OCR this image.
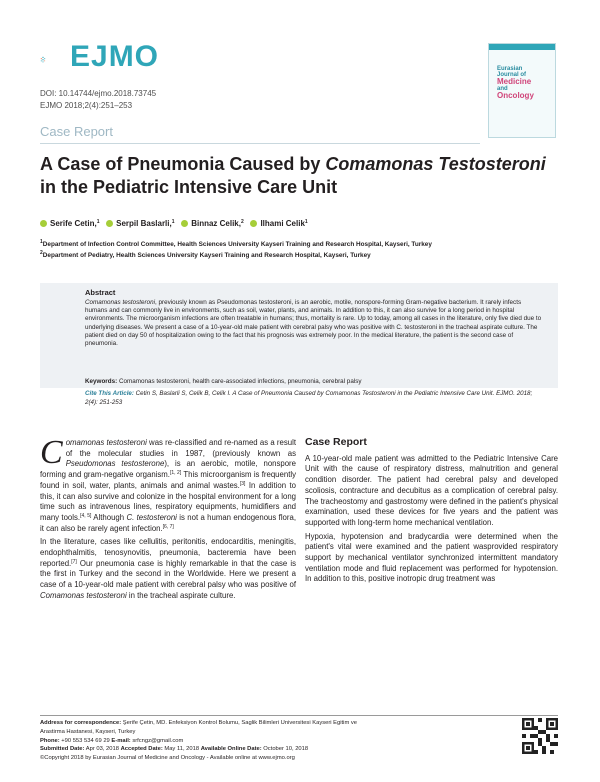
EJMO
DOI: 10.14744/ejmo.2018.73745
EJMO 2018;2(4):251–253
Eurasian
Journal of
Medicine
and
Oncology
Case Report
A Case of Pneumonia Caused by Comamonas Testosteroni
in the Pediatric Intensive Care Unit
Serife Cetin,$^1$ Serpil Baslarli,$^1$ Binnaz Celik,$^2$ Ilhami Celik$^1$
$^1$Department of Infection Control Committee, Health Sciences University Kayseri Training and Research Hospital, Kayseri, Turkey
$^2$Department of Pediatry, Health Sciences University Kayseri Training and Research Hospital, Kayseri, Turkey
Abstract
Comamonas testosteroni, previously known as Pseudomonas testosteroni, is an aerobic, motile, nonspore-forming Gram-negative bacterium. It rarely infects humans and can commonly live in environments, such as soil, water, plants, and animals. In addition to this, it can also survive for a long period in hospital environments. The microorganism infections are often treatable in humans; thus, mortality is rare. Up to today, among all cases in the literature, only five died due to underlying diseases. We present a case of a 10-year-old male patient with cerebral palsy who was positive with C. testosteroni in the tracheal aspirate culture. The patient died on day 50 of hospitalization owing to the fact that his prognosis was extremely poor. In the medical literature, the patient is the second case of pneumonia.
Keywords: Comamonas testosteroni, health care-associated infections, pneumonia, cerebral palsy
Cite This Article: Cetin S, Baslarli S, Celik B, Celik I. A Case of Pneumonia Caused by Comamonas Testosteroni in the Pediatric Intensive Care Unit. EJMO. 2018; 2(4): 251-253

Comamonas testosteroni was re-classified and re-named as a result of the molecular studies in 1987, (previously known as Pseudomonas testosterone), is an aerobic, motile, nonspore forming and gram-negative organism.[1, 2] This microorganism is frequently found in soil, water, plants, animals and animal wastes.[3] In addition to this, it can also survive and colonize in the hospital environment for a long time such as intravenous lines, respiratory equipments, humidifiers and many tools.[4, 5] Although C. testosteroni is not a human endogenous flora, it can also be rarely agent infection.[6, 7]

In the literature, cases like cellulitis, peritonitis, endocarditis, meningitis, endophthalmitis, tenosynovitis, pneumonia, bacteremia have been reported.[7] Our pneumonia case is highly remarkable in that the case is the first in Turkey and the second in the Worldwide. Here we present a case of a 10-year-old male patient with cerebral palsy who was positive of Comamonas testosteroni in the tracheal aspirate culture.

Case Report

A 10-year-old male patient was admitted to the Pediatric Intensive Care Unit with the cause of respiratory distress, malnutrition and general condition disorder. The patient had cerebral palsy and developed scoliosis, contracture and decubitus as a complication of cerebral palsy. The tracheostomy and gastrostomy were defined in the patient's physical examination, used these devices for five years and the patient was supported with long-term home mechanical ventilation.

Hypoxia, hypotension and bradycardia were determined when the patient's vital were examined and the patient wasprovided respiratory support by mechanical ventilator synchronized intermittent mandatory ventilation mode and fluid replacement was performed for hypotension. In addition to this, positive inotropic drug treatment was

Address for correspondence: Şerife Çetin, MD. Enfeksiyon Kontrol Bolumu, Saglik Bilimleri Universitesi Kayseri Egitim ve
Arastirma Hastanesi, Kayseri, Turkey
Phone: +90 553 534 69 29 E-mail: srfcngz@gmail.com
Submitted Date: Apr 03, 2018 Accepted Date: May 11, 2018 Available Online Date: October 10, 2018
©Copyright 2018 by Eurasian Journal of Medicine and Oncology - Available online at www.ejmo.org
